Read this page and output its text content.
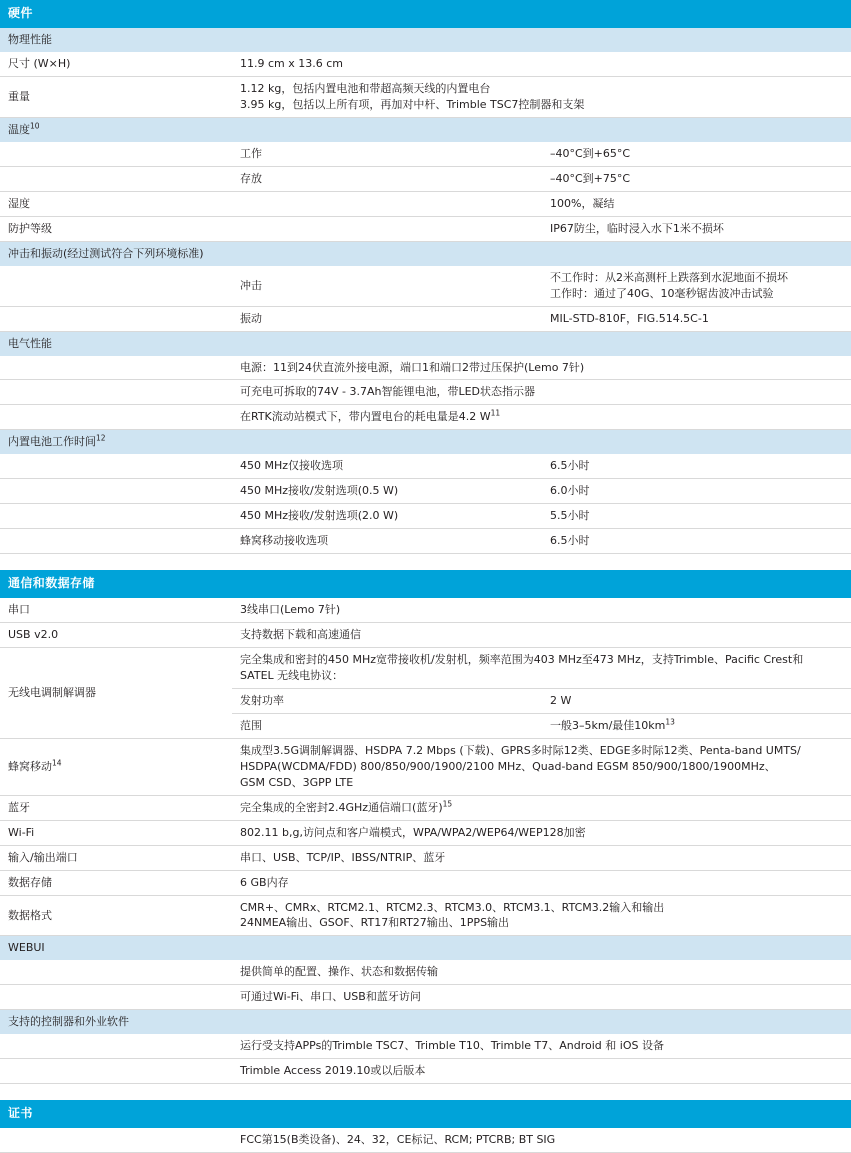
硬件		
物理性能		
尺寸 (W×H)	11.9 cm x 13.6 cm	
重量	1.12 kg，包括内置电池和带超高频天线的内置电台
3.95 kg，包括以上所有项，再加对中杆、Trimble TSC7控制器和支架	

温度$^{10}$
	工作	–40°C到+65°C
	存放	–40°C到+75°C
湿度		100%，凝结
防护等级		IP67防尘，临时浸入水下1米不损坏
冲击和振动(经过测试符合下列环境标准)		
	冲击	不工作时：从2米高测杆上跌落到水泥地面不损坏
工作时：通过了40G、10毫秒锯齿波冲击试验

	振动	MIL-STD-810F，FIG.514.5C-1
电气性能		
	电源：11到24伏直流外接电源，端口1和端口2带过压保护(Lemo 7针)	
	可充电可拆取的74V - 3.7Ah智能锂电池，带LED状态指示器	
	在RTK流动站模式下，带内置电台的耗电量是4.2 $W^{11}$
内置电池工作时间$^{12}$
	450 MHz仅接收选项	6.5小时
	450 MHz接收/发射选项(0.5 W)	6.0小时
	450 MHz接收/发射选项(2.0 W)	5.5小时
	蜂窝移动接收选项	6.5小时

通信和数据存储		
串口	3线串口(Lemo 7针)	
USB v2.0	支持数据下载和高速通信	
无线电调制解调器	完全集成和密封的450 MHz宽带接收机/发射机，频率范围为403 MHz至473 MHz，支持Trimble、Pacific Crest和
SATEL 无线电协议：	

	发射功率	2 W
	范围	一般3–5km/最佳$10km^{13}$
蜂窝移动$^{14}$	集成型3.5G调制解调器、HSDPA 7.2 Mbps (下载)、GPRS多时际12类、EDGE多时际12类、Penta-band UMTS/
HSDPA(WCDMA/FDD) 800/850/900/1900/2100 MHz、Quad-band EGSM 850/900/1800/1900MHz、
GSM CSD、3GPP LTE	

蓝牙	完全集成的全密封2.4GHz通信端口(蓝牙)$^{15}$
Wi-Fi	802.11 b,g,访问点和客户端模式，WPA/WPA2/WEP64/WEP128加密	
输入/输出端口	串口、USB、TCP/IP、IBSS/NTRIP、蓝牙	
数据存储	6 GB内存	
数据格式	CMR+、CMRx、RTCM2.1、RTCM2.3、RTCM3.0、RTCM3.1、RTCM3.2输入和输出
24NMEA输出、GSOF、RT17和RT27输出、1PPS输出	

WEBUI		
	提供简单的配置、操作、状态和数据传输	
	可通过Wi-Fi、串口、USB和蓝牙访问	
支持的控制器和外业软件		
	运行受支持APPs的Trimble TSC7、Trimble T10、Trimble T7、Android 和 iOS 设备	
	Trimble Access 2019.10或以后版本	

证书		
	FCC第15(B类设备)、24、32，CE标记、RCM; PTCRB; BT SIG	
